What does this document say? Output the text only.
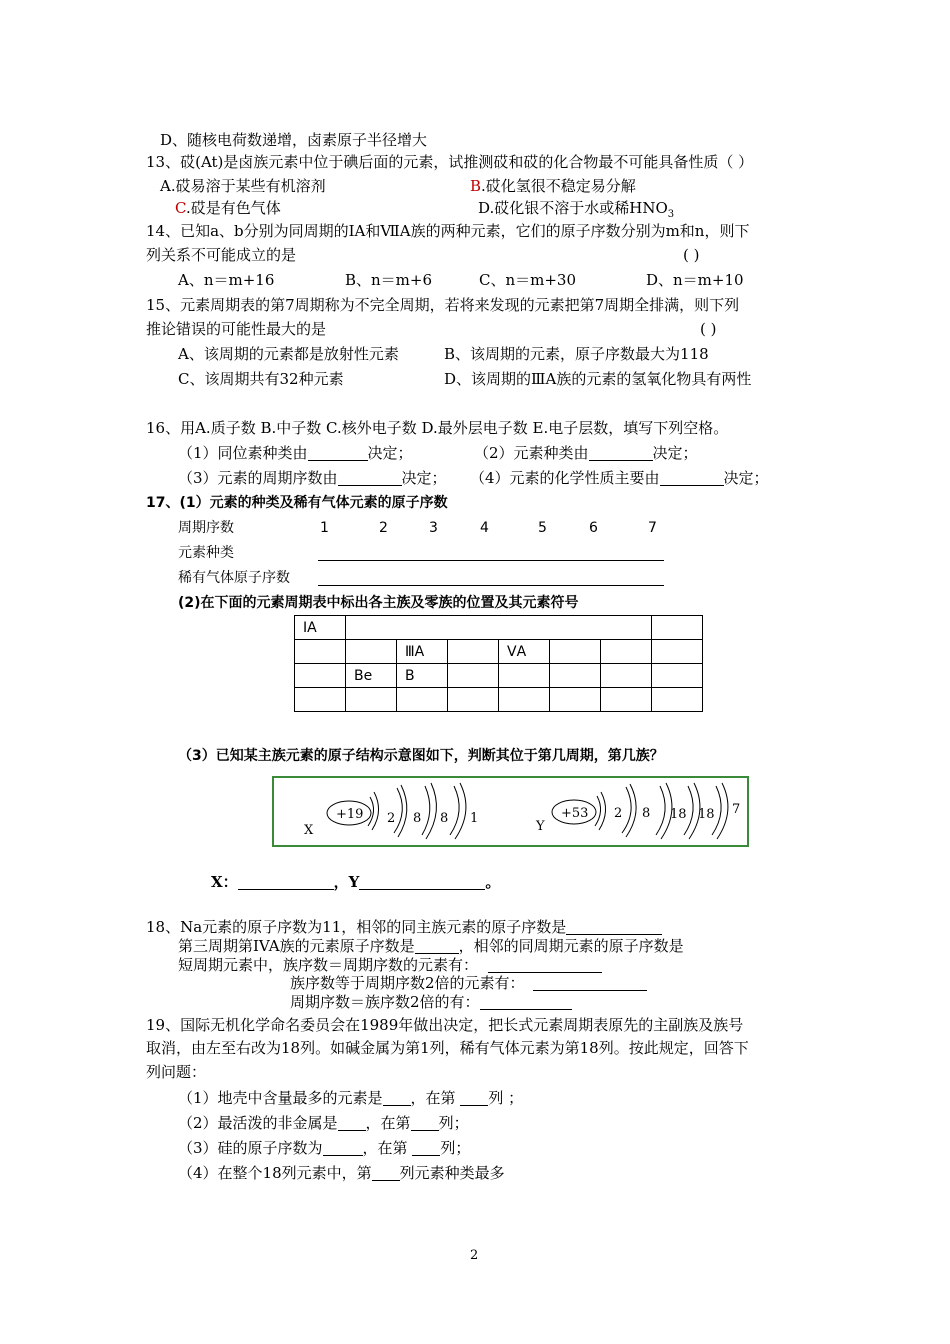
D、随核电荷数递增，卤素原子半径增大
13、砹(At)是卤族元素中位于碘后面的元素，试推测砹和砹的化合物最不可能具备性质（ ）
A.砹易溶于某些有机溶剂	B.砹化氢很不稳定易分解
C.砹是有色气体	D.砹化银不溶于水或稀$HNO_3$
14、已知a、b分别为同周期的ⅠA和ⅦA族的两种元素，它们的原子序数分别为m和n，则下
列关系不可能成立的是	( )
A、n＝m+16	B、n＝m+6	C、n＝m+30	D、n＝m+10
15、元素周期表的第7周期称为不完全周期，若将来发现的元素把第7周期全排满，则下列
推论错误的可能性最大的是	( )
A、该周期的元素都是放射性元素	B、该周期的元素，原子序数最大为118
C、该周期共有32种元素	D、该周期的ⅢA族的元素的氢氧化物具有两性
16、用A.质子数 B.中子数 C.核外电子数 D.最外层电子数 E.电子层数，填写下列空格。
（1）同位素种类由	决定；	（2）元素种类由	决定；
（3）元素的周期序数由	决定； （4）元素的化学性质主要由	决定；
17、(1）元素的种类及稀有气体元素的原子序数
周期序数	1	2	3	4	5	6	7
元素种类
稀有气体原子序数
(2)在下面的元素周期表中标出各主族及零族的位置及其元素符号
ⅠA							
		ⅢA		ⅤA			
	Be	B					

（3）已知某主族元素的原子结构示意图如下，判断其位于第几周期，第几族？
X
+19 2 8 8 1
Y
+53 2 8 18 18 7
X：	，Y	。
18、Na元素的原子序数为11，相邻的同主族元素的原子序数是
第三周期第IVA族的元素原子序数是	，相邻的同周期元素的原子序数是
短周期元素中，族序数＝周期序数的元素有：
族序数等于周期序数2倍的元素有：
周期序数＝族序数2倍的有：
19、国际无机化学命名委员会在1989年做出决定，把长式元素周期表原先的主副族及族号
取消，由左至右改为18列。如碱金属为第1列，稀有气体元素为第18列。按此规定，回答下
列问题：
（1）地壳中含量最多的元素是 ，在第 列 ；
（2）最活泼的非金属是 ，在第 列；
（3）硅的原子序数为	，在第 列；
（4）在整个18列元素中，第 列元素种类最多
2
